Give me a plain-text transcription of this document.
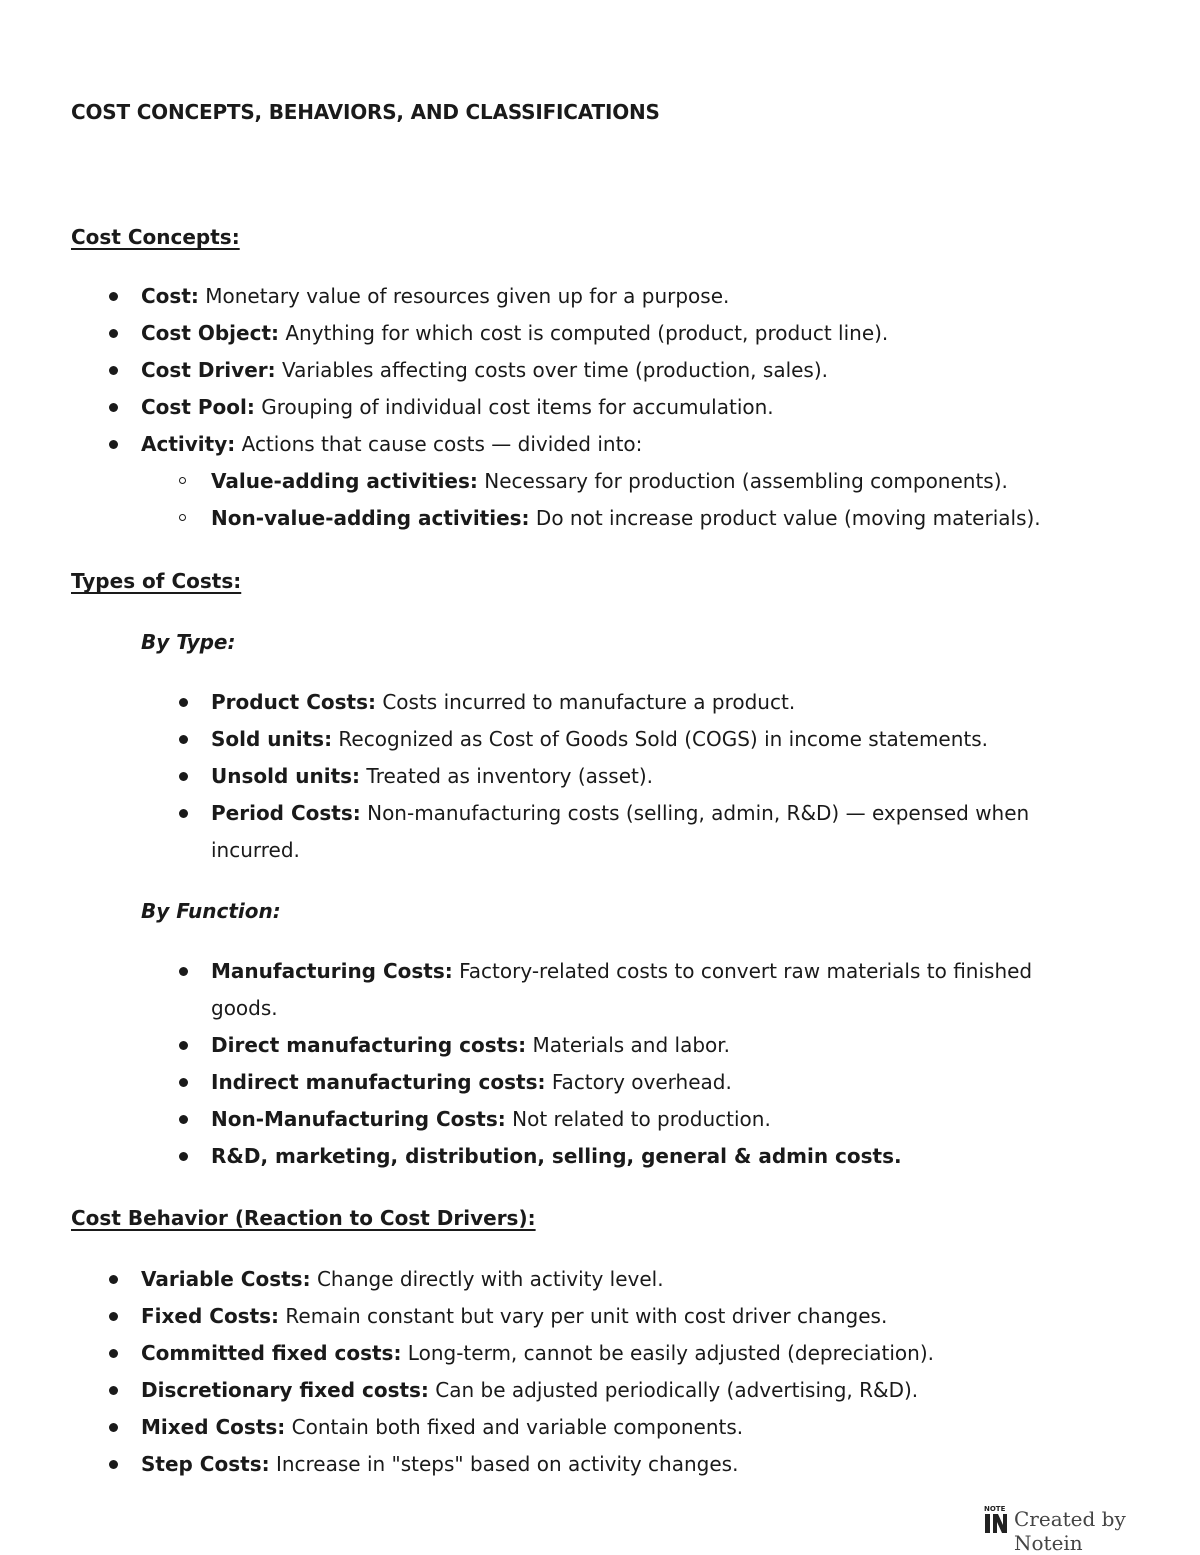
COST CONCEPTS, BEHAVIORS, AND CLASSIFICATIONS
Cost Concepts:
Cost: Monetary value of resources given up for a purpose.
Cost Object: Anything for which cost is computed (product, product line).
Cost Driver: Variables affecting costs over time (production, sales).
Cost Pool: Grouping of individual cost items for accumulation.
Activity: Actions that cause costs — divided into:
Value-adding activities: Necessary for production (assembling components).
Non-value-adding activities: Do not increase product value (moving materials).
Types of Costs:
By Type:
Product Costs: Costs incurred to manufacture a product.
Sold units: Recognized as Cost of Goods Sold (COGS) in income statements.
Unsold units: Treated as inventory (asset).
Period Costs: Non-manufacturing costs (selling, admin, R&D) — expensed when incurred.
By Function:
Manufacturing Costs: Factory-related costs to convert raw materials to finished goods.
Direct manufacturing costs: Materials and labor.
Indirect manufacturing costs: Factory overhead.
Non-Manufacturing Costs: Not related to production.
R&D, marketing, distribution, selling, general & admin costs.
Cost Behavior (Reaction to Cost Drivers):
Variable Costs: Change directly with activity level.
Fixed Costs: Remain constant but vary per unit with cost driver changes.
Committed fixed costs: Long-term, cannot be easily adjusted (depreciation).
Discretionary fixed costs: Can be adjusted periodically (advertising, R&D).
Mixed Costs: Contain both fixed and variable components.
Step Costs: Increase in "steps" based on activity changes.
NOTE Created by Notein
